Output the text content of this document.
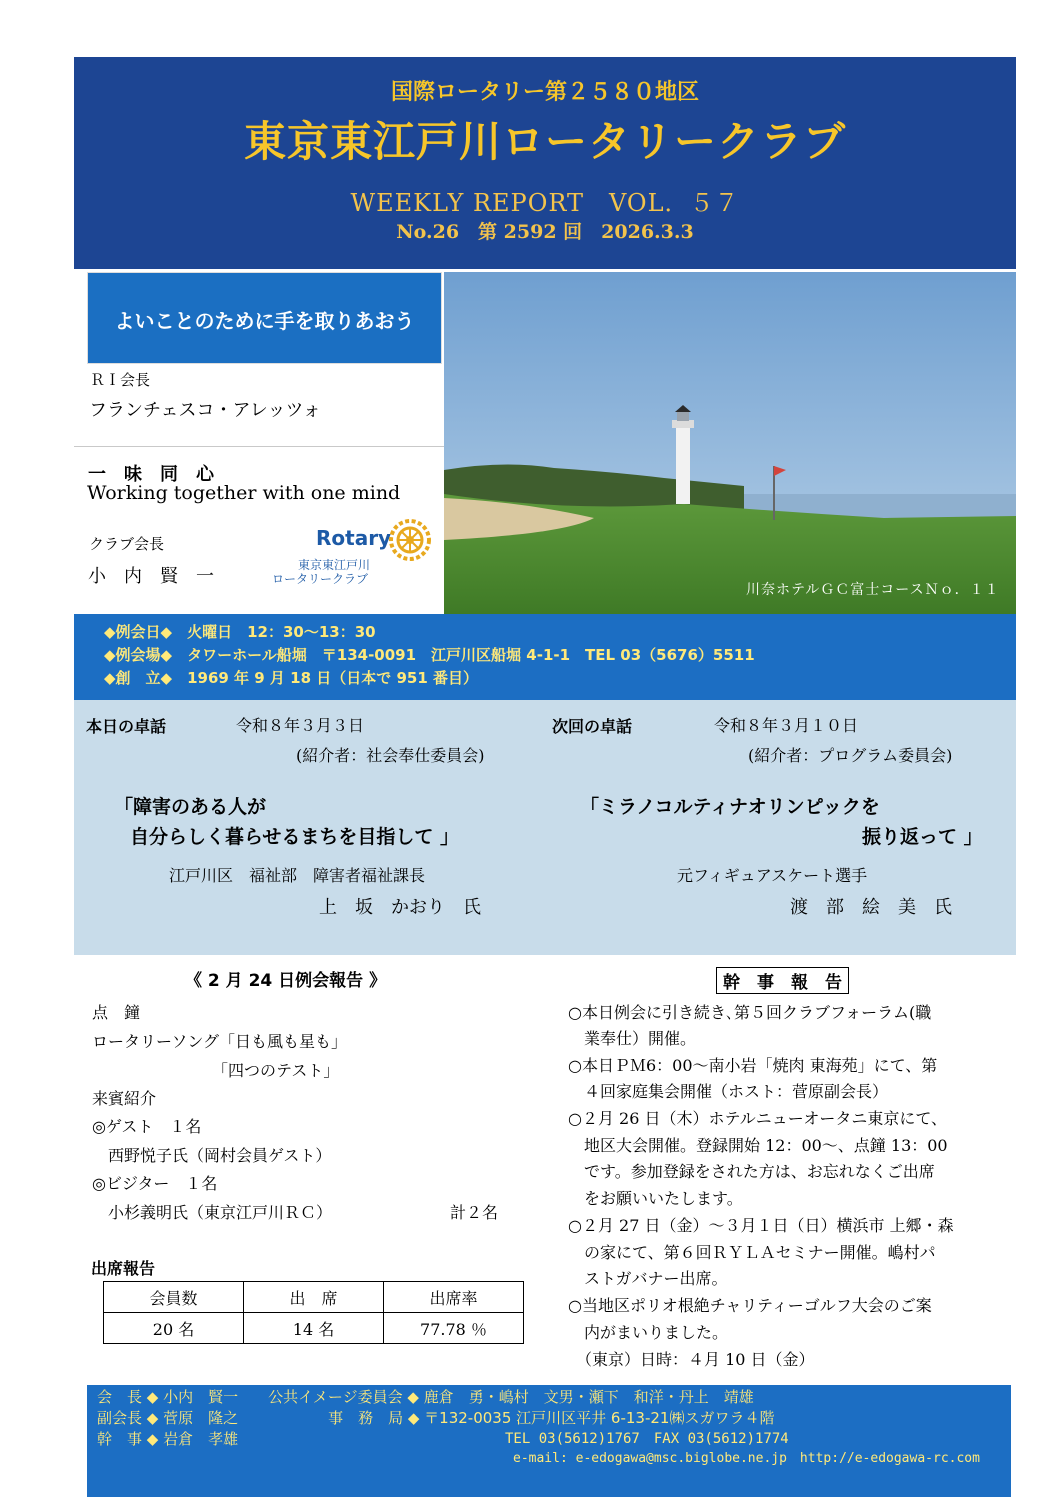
国際ロータリー第２５８０地区
東京東江戸川ロータリークラブ
WEEKLY REPORT　VOL．５７
No.26　第 2592 回　2026.3.3
よいことのために手を取りあおう
ＲＩ会長
フランチェスコ・アレッツォ
一　味　同　心
Working together with one mind
クラブ会長
小　内　賢　一
Rotary
東京東江戸川
ロータリークラブ
川奈ホテルＧＣ富士コースＮｏ．１１
◆例会日◆　火曜日　12：30～13：30
◆例会場◆　タワーホール船堀　〒134-0091　江戸川区船堀 4-1-1　TEL 03（5676）5511
◆創　立◆　1969 年 9 月 18 日（日本で 951 番目）
本日の卓話	令和８年３月３日
(紹介者：社会奉仕委員会)
「障害のある人が
自分らしく暮らせるまちを目指して 」
江戸川区　福祉部　障害者福祉課長
上　坂　かおり　氏
次回の卓話	令和８年３月１０日
(紹介者：プログラム委員会)
「ミラノコルティナオリンピックを
振り返って 」
元フィギュアスケート選手
渡　部　絵　美　氏
《 2 月 24 日例会報告 》
点　鐘
ロータリーソング「日も風も星も」
　　　　　　　　「四つのテスト」
来賓紹介
◎ゲスト　１名
　西野悦子氏（岡村会員ゲスト）
◎ビジター　１名
　小杉義明氏（東京江戸川ＲＣ）	計２名
出席報告
会員数	出　席	出席率
20 名	14 名	77.78 ％
幹　事　報　告
○本日例会に引き続き､第５回クラブフォーラム(職
　業奉仕）開催。
○本日ＰＭ6：00～南小岩「焼肉 東海苑」にて、第
　４回家庭集会開催（ホスト：菅原副会長）
○２月 26 日（木）ホテルニューオータニ東京にて、
　地区大会開催。登録開始 12：00～、点鐘 13：00
　です。参加登録をされた方は、お忘れなくご出席
　をお願いいたします。
○２月 27 日（金）～３月１日（日）横浜市 上郷・森
　の家にて、第６回ＲＹＬＡセミナー開催。嶋村パ
　ストガバナー出席。
○当地区ポリオ根絶チャリティーゴルフ大会のご案
　内がまいりました。
　（東京）日時：４月 10 日（金）
会　長 ◆ 小内　賢一　　公共イメージ委員会 ◆ 鹿倉　勇・嶋村　文男・瀬下　和洋・丹上　靖雄
副会長 ◆ 菅原　隆之　　　　　　事　務　局 ◆ 〒132-0035 江戸川区平井 6-13-21㈱スガワラ４階
幹　事 ◆ 岩倉　孝雄	TEL 03(5612)1767　FAX 03(5612)1774
e-mail: e-edogawa@msc.biglobe.ne.jp　http://e-edogawa-rc.com
